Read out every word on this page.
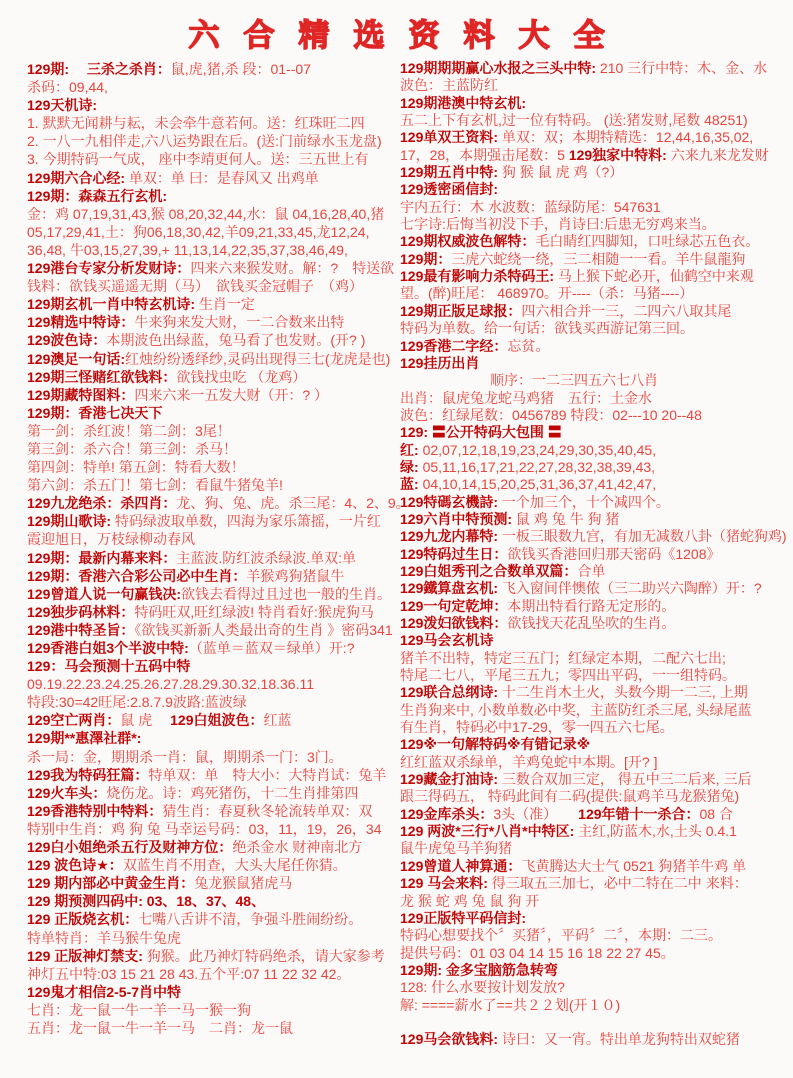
六合精选资料大全
129期:　 三杀之杀肖：鼠,虎,猪,杀 段：01--07
杀码：09,44,
129天机诗:
1. 默默无闻耕与耘，未会牵牛意若何。送：红珠旺二四
2. 一八一九相伴走,六八运势跟在后。(送:门前绿水玉龙盘)
3. 今期特码一气成， 座中李靖更何人。送：三五世上有
129期六合心经: 单双：单 曰：是春风又 出鸡单
129期：森森五行玄机:
金：鸡 07,19,31,43,猴 08,20,32,44,水：鼠 04,16,28,40,猪
05,17,29,41,土：狗06,18,30,42,羊09,21,33,45,龙12,24,
36,48, 牛03,15,27,39,+ 11,13,14,22,35,37,38,46,49,
129港台专家分析发财诗：四来六来猴发财。解：?　特送欲
钱料：欲钱买遥遥无期（马）　欲钱买金冠帽子　（鸡）
129期玄机一肖中特玄机诗: 生肖一定
129精选中特诗：牛来狗来发大财，一二合数来出特
129波色诗：本期波色出绿蓝，兔马看了也发财。(开? )
129澳足一句话:红烛纷纷透绎纱,灵码出现得三七(龙虎是也)
129期三怪赌红欲钱料：欲钱找虫吃 （龙鸡）
129期藏特图料：四来六来一五发大财（开：? ）
129期：香港七决天下
第一剑：杀红波！第二剑：3尾！
第三剑：杀六合！第三剑：杀马！
第四剑：特单! 第五剑：特看大数！
第六剑：杀五门！第七剑：看鼠牛猪兔羊!
129九龙绝杀：杀四肖：龙、狗、兔、虎。杀三尾：4、2、9。
129期山歌诗: 特码绿波取单数，四海为家乐箫摇，一片红
霞迎旭日，万枝绿柳动春风
129期：最新内幕来料：主蓝波.防红波杀绿波.单双:单
129期：香港六合彩公司必中生肖：羊猴鸡狗猪鼠牛
129曾道人说一句赢钱决:欲钱去看得过且过也一般的生肖。
129独步码林料：特码旺双,旺红绿波! 特肖看好:猴虎狗马
129港中特圣旨：《欲钱买新新人类最出奇的生肖 》密码341
129香港白姐3个半波中特:（蓝单＝蓝双＝绿单）开:?
129：马会预测十五码中特
09.19.22.23.24.25.26.27.28.29.30.32.18.36.11
特段:30=42旺尾:2.8.7.9波路:蓝波绿
129空亡两肖：鼠 虎　 129白姐波色：红蓝
129期**惠澤社群*:
杀一局：金，期期杀一肖：鼠，期期杀一门：3门。
129我为特码狂篇：特单双：单　特大小：大特肖试：兔羊
129火车头：烧伤龙。诗：鸡死猪伤，十二生肖排第四
129香港特别中特料：猜生肖：春夏秋冬轮流转单双：双
特别中生肖：鸡 狗 兔 马幸运号码：03，11，19，26，34
129白小姐绝杀五行及财神方位：绝杀金水 财神南北方
129 波色诗★：双蓝生肖不用查，大头大尾任你猜。
129 期内部必中黄金生肖：兔龙猴鼠猪虎马
129 期预测四码中: 03、18、37、48、
129 正版烧玄机：七嘴八舌讲不清，争强斗胜闹纷纷。
特单特肖：羊马猴牛兔虎
129 正版神灯禁支: 狗猴。此乃神灯特码绝杀，请大家参考
神灯五中特:03 15 21 28 43.五个平:07 11 22 32 42。
129鬼才相信2-5-7肖中特
七肖：龙一鼠一牛一羊一马一猴一狗
五肖：龙一鼠一牛一羊一马　二肖：龙一鼠
129期期期赢心水报之三头中特: 210 三行中特：木、金、水
波色：主蓝防红
129期港澳中特玄机:
五二上下有玄机,过一位有特码。 (送:猪发财,尾数 48251)
129单双王资料: 单双：双；本期特精选：12,44,16,35,02,
17，28，本期强击尾数：5 129独家中特料: 六来九来龙发财
129期五肖中特: 狗 猴 鼠 虎 鸡（?）
129透密函信封:
宇内五行：木 水波数：蓝绿防尾：547631
七字诗:后悔当初没下手，肖诗曰:后患无穷鸡来当。
129期权威波色解特：毛白睛红四脚知，口吐绿芯五色衣。
129期：三虎六蛇绕一绕，三二相随一一看。羊牛鼠龍狗
129最有影响力杀特码王: 马上猴下蛇必开，仙鹤空中来观
望。(醉)旺尾： 468970。开----（杀：马猪----）
129期正版足球报：四六相合并一三，二四六八取其尾
特码为单数。给一句话：欲钱买西游记第三回。
129香港二字经：忘贫。
129挂历出肖
顺序：一二三四五六七八肖
出肖：鼠虎兔龙蛇马鸡猪　五行：土金水
波色：红绿尾数：0456789 特段：02---10 20--48
129: 〓公开特码大包围 〓
红: 02,07,12,18,19,23,24,29,30,35,40,45,
绿: 05,11,16,17,21,22,27,28,32,38,39,43,
蓝: 04,10,14,15,20,25,31,36,37,41,42,47,
129特碼玄機詩: 一个加三个，十个减四个。
129六肖中特预测: 鼠 鸡 兔 牛 狗 猪
129九龙内幕特: 一板三眼数九宫，有加无减数八卦（猪蛇狗鸡)
129特码过生日：欲钱买香港回归那天密码《1208》
129白姐秀刊之合数单双篇：合单
129鐵算盘玄机: 飞入窗间伴懊侬（三二助兴六陶醉）开：?
129一句定乾坤：本期出特看行路无定形的。
129泼妇欲钱料：欲钱找天花乱坠吹的生肖。
129马会玄机诗
猪羊不出特，特定三五门；红绿定本期，二配六七出;
特尾二七八，平尾三五九；零四出平码，一一组特码。
129联合总纲诗: 十二生肖木土火，头数今期一二三, 上期
生肖狗来中, 小数单数必中奖，主蓝防红杀三尾, 头绿尾蓝
有生肖，特码必中17-29，零一四五六七尾。
129※一句解特码※有错记录※
红红蓝双杀绿单，羊鸡兔蛇中本期。[开? ]
129藏金打油诗: 三数合双加三定， 得五中三二后来, 三后
跟三得码五， 特码此间有二码(提供:鼠鸡羊马龙猴猪兔)
129金库杀头：3头（准）　　129年错十一杀合：08 合
129 两波*三行*八肖*中特区: 主红,防蓝木,水,土头 0.4.1
鼠牛虎兔马羊狗猪
129曾道人神算通：飞黄腾达大士气 0521 狗猪羊牛鸡 单
129 马会来料: 得三取五三加七，必中二特在二中 来料：
龙 猴 蛇 鸡 兔 鼠 狗 开
129正版特平码信封:
特码心想要找个〞买猪〞，平码〞二〞，本期：二三。
提供号码：01 03 04 14 15 16 18 22 27 45。
129期: 金多宝脑筋急转弯
128: 什么水要按计划发放?
解: ====薪水了==共２２划(开１０)

129马会欲钱料: 诗曰：又一宵。特出单龙狗特出双蛇猪
